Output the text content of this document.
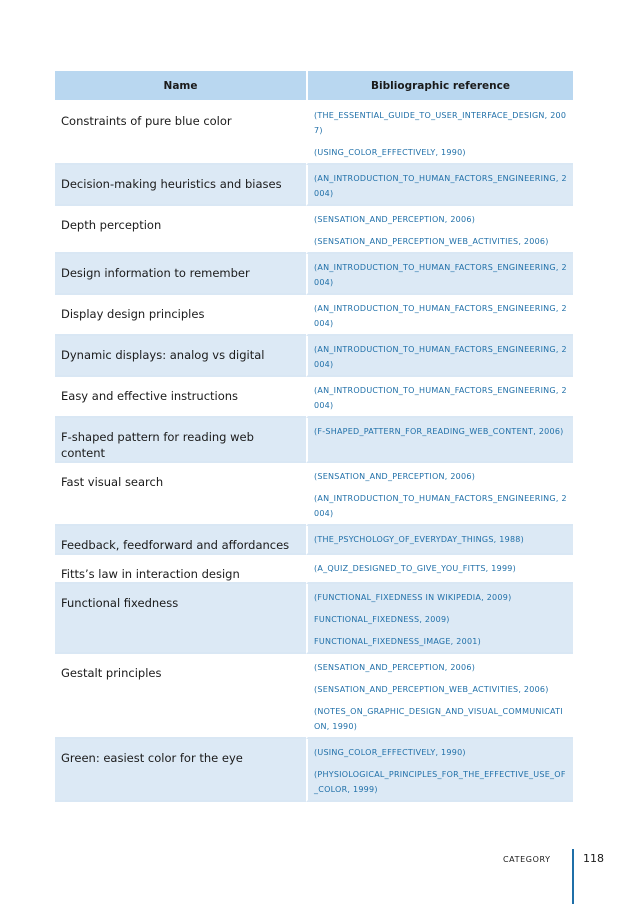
Name	Bibliographic reference
Constraints of pure blue color	(THE_ESSENTIAL_GUIDE_TO_USER_INTERFACE_DESIGN, 2007)
(USING_COLOR_EFFECTIVELY, 1990)

Decision-making heuristics and biases	(AN_INTRODUCTION_TO_HUMAN_FACTORS_ENGINEERING, 2004)

Depth perception	(SENSATION_AND_PERCEPTION, 2006)
(SENSATION_AND_PERCEPTION_WEB_ACTIVITIES, 2006)

Design information to remember	(AN_INTRODUCTION_TO_HUMAN_FACTORS_ENGINEERING, 2004)

Display design principles	(AN_INTRODUCTION_TO_HUMAN_FACTORS_ENGINEERING, 2004)

Dynamic displays: analog vs digital	(AN_INTRODUCTION_TO_HUMAN_FACTORS_ENGINEERING, 2004)

Easy and effective instructions	(AN_INTRODUCTION_TO_HUMAN_FACTORS_ENGINEERING, 2004)

F-shaped pattern for reading web content	(F-SHAPED_PATTERN_FOR_READING_WEB_CONTENT, 2006)

Fast visual search	(SENSATION_AND_PERCEPTION, 2006)
(AN_INTRODUCTION_TO_HUMAN_FACTORS_ENGINEERING, 2004)

Feedback, feedforward and affordances	(THE_PSYCHOLOGY_OF_EVERYDAY_THINGS, 1988)

Fitts’s law in interaction design	(A_QUIZ_DESIGNED_TO_GIVE_YOU_FITTS, 1999)

Functional fixedness	(FUNCTIONAL_FIXEDNESS IN WIKIPEDIA, 2009)
FUNCTIONAL_FIXEDNESS, 2009)
FUNCTIONAL_FIXEDNESS_IMAGE, 2001)

Gestalt principles	(SENSATION_AND_PERCEPTION, 2006)
(SENSATION_AND_PERCEPTION_WEB_ACTIVITIES, 2006)
(NOTES_ON_GRAPHIC_DESIGN_AND_VISUAL_COMMUNICATION, 1990)

Green: easiest color for the eye	(USING_COLOR_EFFECTIVELY, 1990)
(PHYSIOLOGICAL_PRINCIPLES_FOR_THE_EFFECTIVE_USE_OF_COLOR, 1999)
CATEGORY	118
